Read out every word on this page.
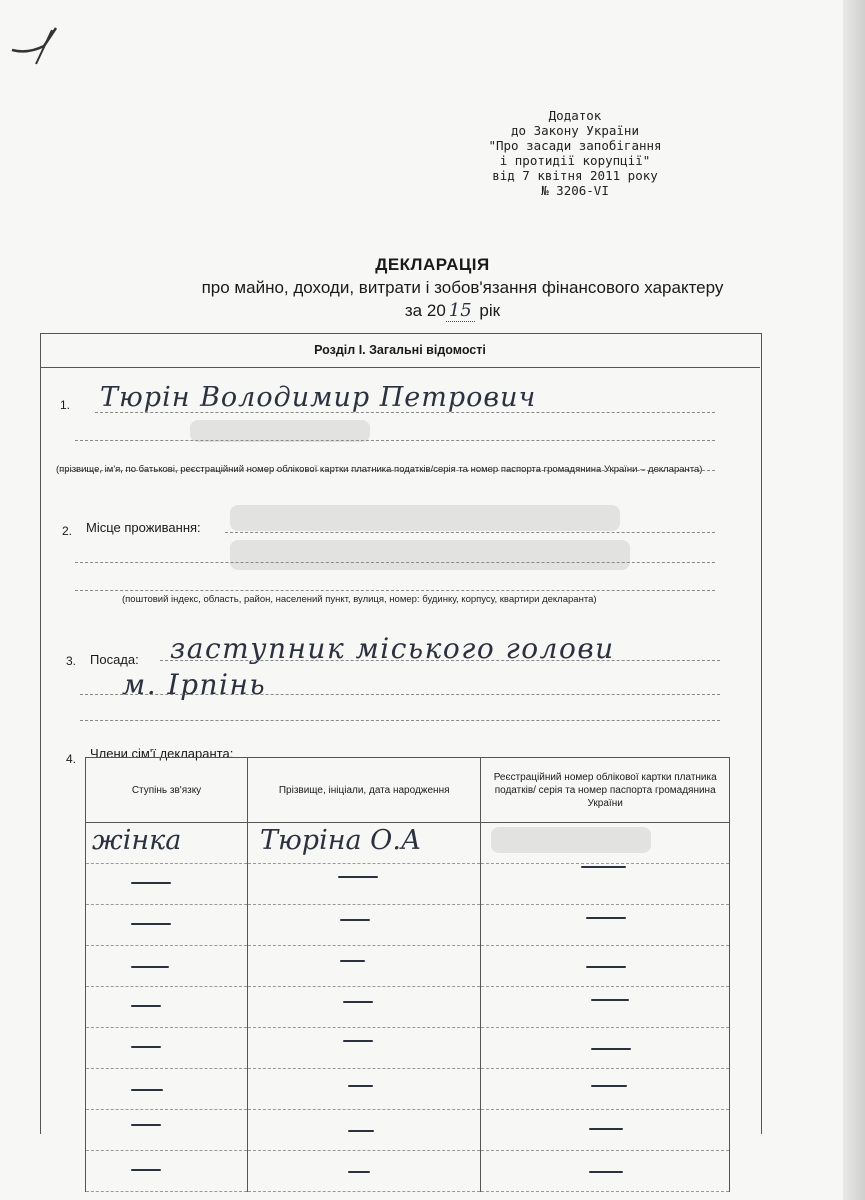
Додаток
до Закону України
"Про засади запобігання
і протидії корупції"
від 7 квітня 2011 року
№ 3206-VI
ДЕКЛАРАЦІЯ
про майно, доходи, витрати і зобов'язання фінансового характеру
за 20 15 рік
Розділ I. Загальні відомості
1. Тюрін Володимир Петрович
(прізвище, ім'я, по батькові, реєстраційний номер облікової картки платника податків/серія та номер паспорта громадянина України – декларанта)
2. Місце проживання:
(поштовий індекс, область, район, населений пункт, вулиця, номер: будинку, корпусу, квартири декларанта)
3. Посада: заступник міського голови
м. Ірпінь
4. Члени сім'ї декларанта:
Ступінь зв'язку	Прізвище, ініціали, дата народження	Реєстраційний номер облікової картки платника податків/ серія та номер паспорта громадянина України

жінка	Тюріна О.А	
